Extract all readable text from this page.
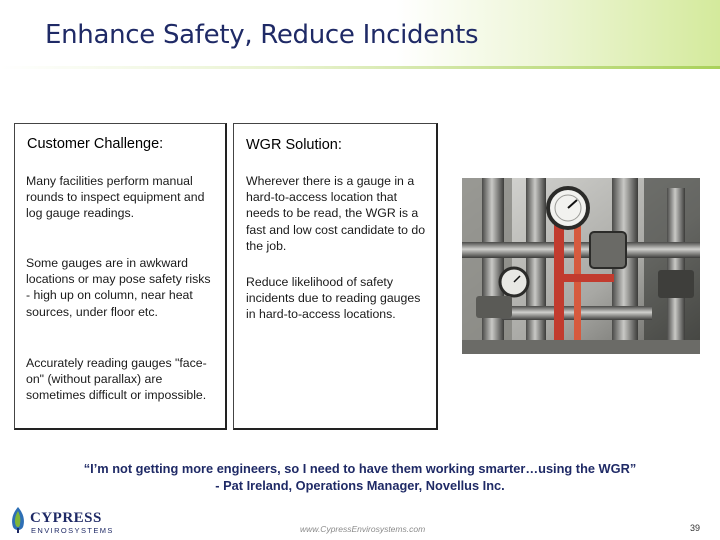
Enhance Safety, Reduce Incidents
Customer Challenge:
Many facilities perform manual rounds to inspect equipment and log gauge readings.
Some gauges are in awkward locations or may pose safety risks - high up on column, near heat sources, under floor etc.
Accurately reading gauges "face-on" (without parallax) are sometimes difficult or impossible.
WGR Solution:
Wherever there is a gauge in a hard-to-access location that needs to be read, the WGR is a fast and low cost candidate to do the job.
Reduce likelihood of safety incidents due to reading gauges in hard-to-access locations.
“I’m not getting more engineers, so I need to have them working smarter…using the WGR”
- Pat Ireland, Operations Manager, Novellus Inc.
CYPRESS
ENVIROSYSTEMS	www.CypressEnvirosystems.com	39
